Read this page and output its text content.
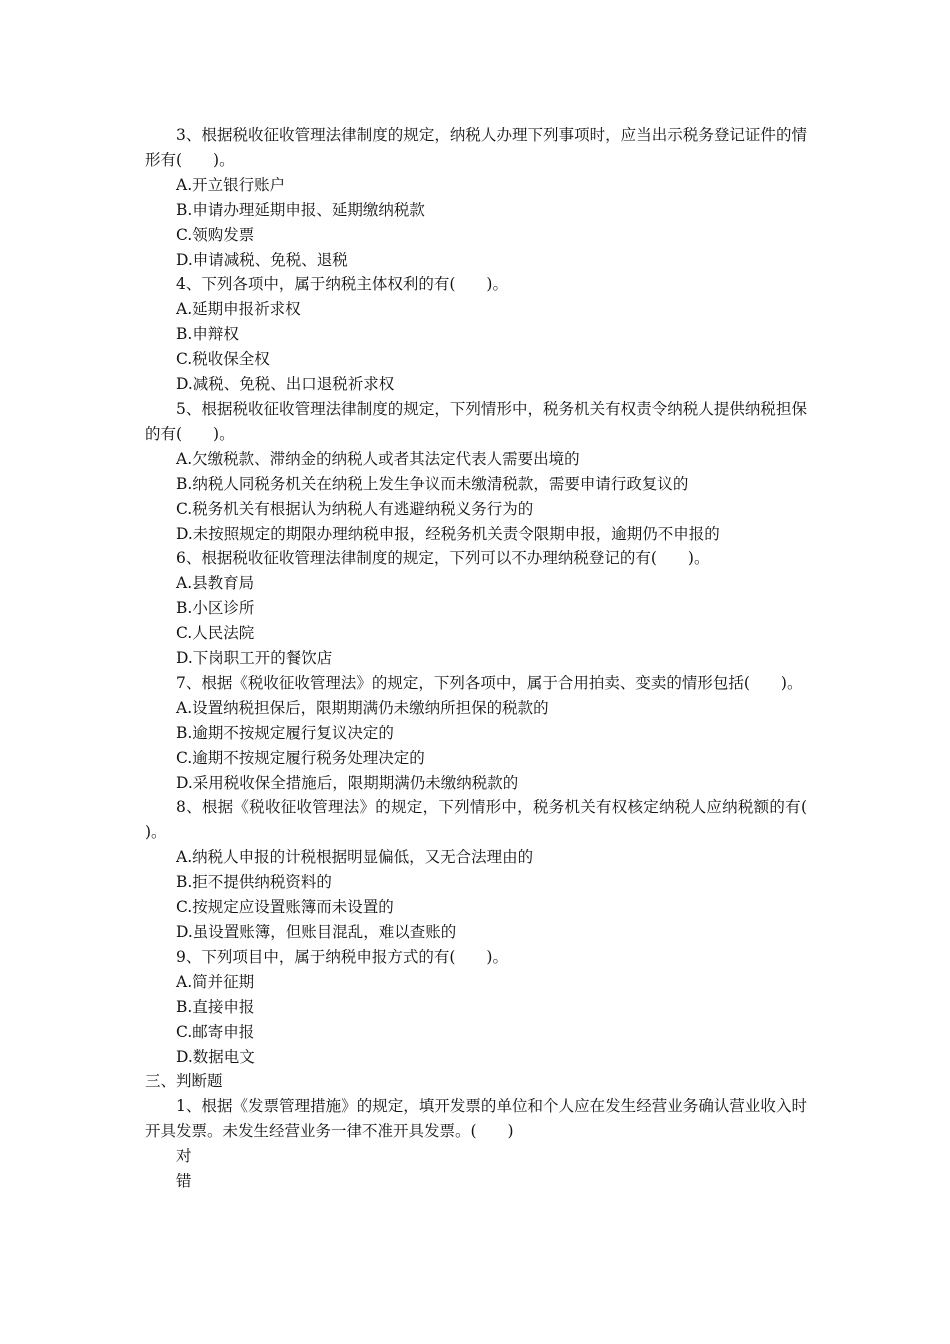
3、根据税收征收管理法律制度的规定，纳税人办理下列事项时，应当出示税务登记证件的情形有(　　)。

A.开立银行账户

B.申请办理延期申报、延期缴纳税款

C.领购发票

D.申请减税、免税、退税

4、下列各项中，属于纳税主体权利的有(　　)。

A.延期申报祈求权

B.申辩权

C.税收保全权

D.减税、免税、出口退税祈求权

5、根据税收征收管理法律制度的规定，下列情形中，税务机关有权责令纳税人提供纳税担保的有(　　)。

A.欠缴税款、滞纳金的纳税人或者其法定代表人需要出境的

B.纳税人同税务机关在纳税上发生争议而未缴清税款，需要申请行政复议的

C.税务机关有根据认为纳税人有逃避纳税义务行为的

D.未按照规定的期限办理纳税申报，经税务机关责令限期申报，逾期仍不申报的

6、根据税收征收管理法律制度的规定，下列可以不办理纳税登记的有(　　)。

A.县教育局

B.小区诊所

C.人民法院

D.下岗职工开的餐饮店

7、根据《税收征收管理法》的规定，下列各项中，属于合用拍卖、变卖的情形包括(　　)。

A.设置纳税担保后，限期期满仍未缴纳所担保的税款的

B.逾期不按规定履行复议决定的

C.逾期不按规定履行税务处理决定的

D.采用税收保全措施后，限期期满仍未缴纳税款的

8、根据《税收征收管理法》的规定，下列情形中，税务机关有权核定纳税人应纳税额的有(　　)。

A.纳税人申报的计税根据明显偏低，又无合法理由的

B.拒不提供纳税资料的

C.按规定应设置账簿而未设置的

D.虽设置账簿，但账目混乱，难以查账的

9、下列项目中，属于纳税申报方式的有(　　)。

A.简并征期

B.直接申报

C.邮寄申报

D.数据电文

三、判断题

1、根据《发票管理措施》的规定，填开发票的单位和个人应在发生经营业务确认营业收入时开具发票。未发生经营业务一律不准开具发票。(　　)

对

错
